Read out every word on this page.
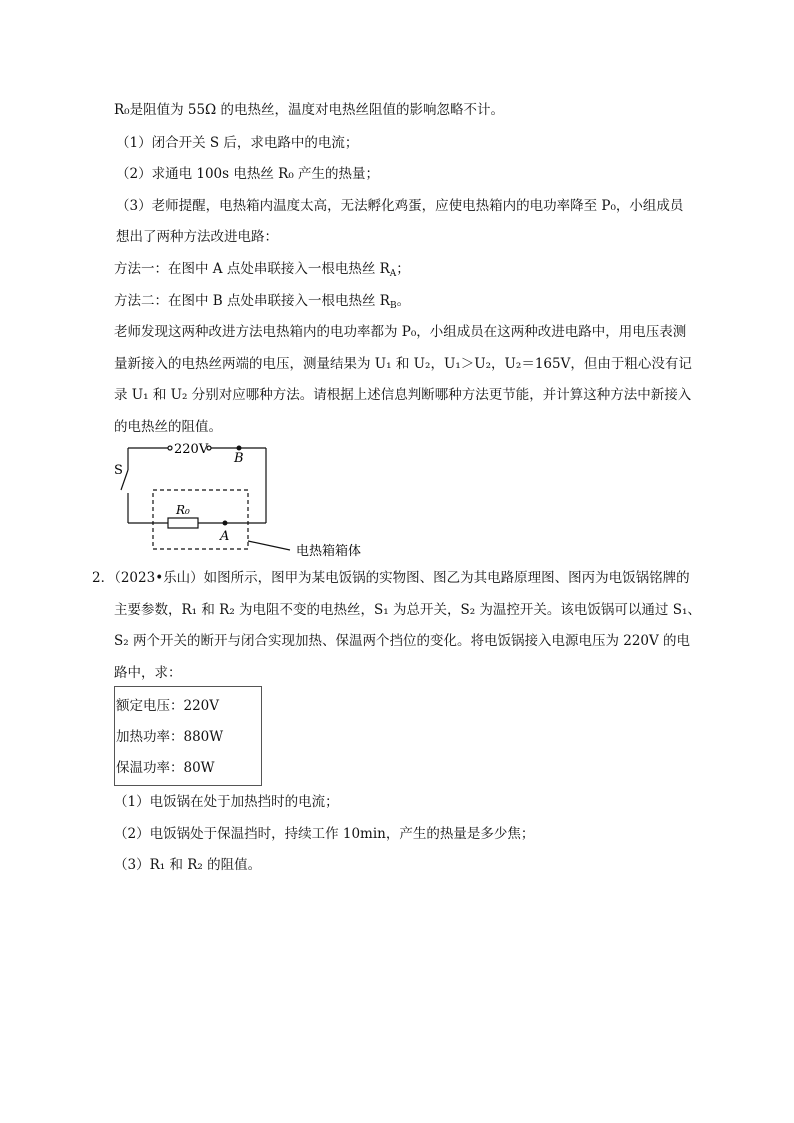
R₀是阻值为 55Ω 的电热丝，温度对电热丝阻值的影响忽略不计。
（1）闭合开关 S 后，求电路中的电流；
（2）求通电 100s 电热丝 R₀ 产生的热量；
（3）老师提醒，电热箱内温度太高，无法孵化鸡蛋，应使电热箱内的电功率降至 P₀，小组成员
想出了两种方法改进电路：
方法一：在图中 A 点处串联接入一根电热丝 $R_A$；
方法二：在图中 B 点处串联接入一根电热丝 $R_B$。
老师发现这两种改进方法电热箱内的电功率都为 P₀，小组成员在这两种改进电路中，用电压表测
量新接入的电热丝两端的电压，测量结果为 U₁ 和 U₂，U₁＞U₂，U₂＝165V，但由于粗心没有记
录 U₁ 和 U₂ 分别对应哪种方法。请根据上述信息判断哪种方法更节能，并计算这种方法中新接入
的电热丝的阻值。
220V
B
S
R₀
A
电热箱箱体
2．（2023•乐山）如图所示，图甲为某电饭锅的实物图、图乙为其电路原理图、图丙为电饭锅铭牌的
主要参数，R₁ 和 R₂ 为电阻不变的电热丝，S₁ 为总开关，S₂ 为温控开关。该电饭锅可以通过 S₁、
S₂ 两个开关的断开与闭合实现加热、保温两个挡位的变化。将电饭锅接入电源电压为 220V 的电
路中，求：
额定电压：220V
加热功率：880W
保温功率：80W
（1）电饭锅在处于加热挡时的电流；
（2）电饭锅处于保温挡时，持续工作 10min，产生的热量是多少焦；
（3）R₁ 和 R₂ 的阻值。
